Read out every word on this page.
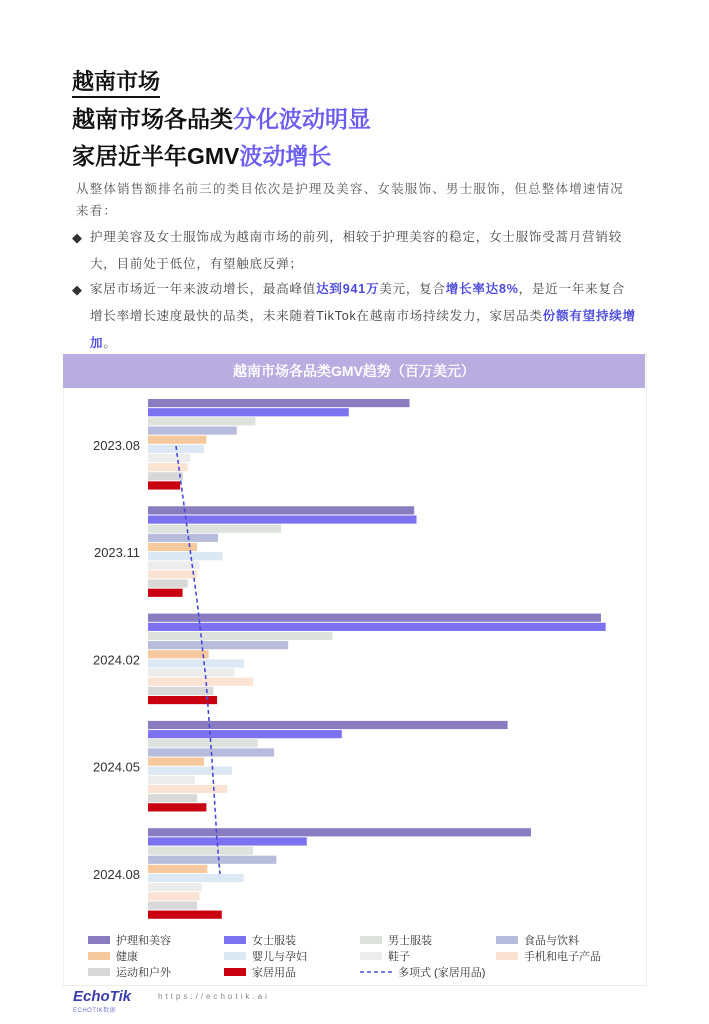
越南市场
越南市场各品类分化波动明显
家居近半年GMV波动增长
从整体销售额排名前三的类目依次是护理及美容、女装服饰、男士服饰，但总整体增速情况来看：
◆ 护理美容及女士服饰成为越南市场的前列，相较于护理美容的稳定，女士服饰受蒿月营销较大，目前处于低位，有望触底反弹；
◆ 家居市场近一年来波动增长，最高峰值达到941万美元，复合增长率达8%，是近一年来复合增长率增长速度最快的品类，未来随着TikTok在越南市场持续发力，家居品类份额有望持续增加。
越南市场各品类GMV趋势（百万美元）
2023.08
2023.11
2024.02
2024.05
2024.08
护理和美容	女士服装	男士服装	食品与饮料
健康	婴儿与孕妇	鞋子	手机和电子产品
运动和户外	家居用品	多项式 (家居用品)
EchoTik
ECHOTIK数据
https://echotik.ai
